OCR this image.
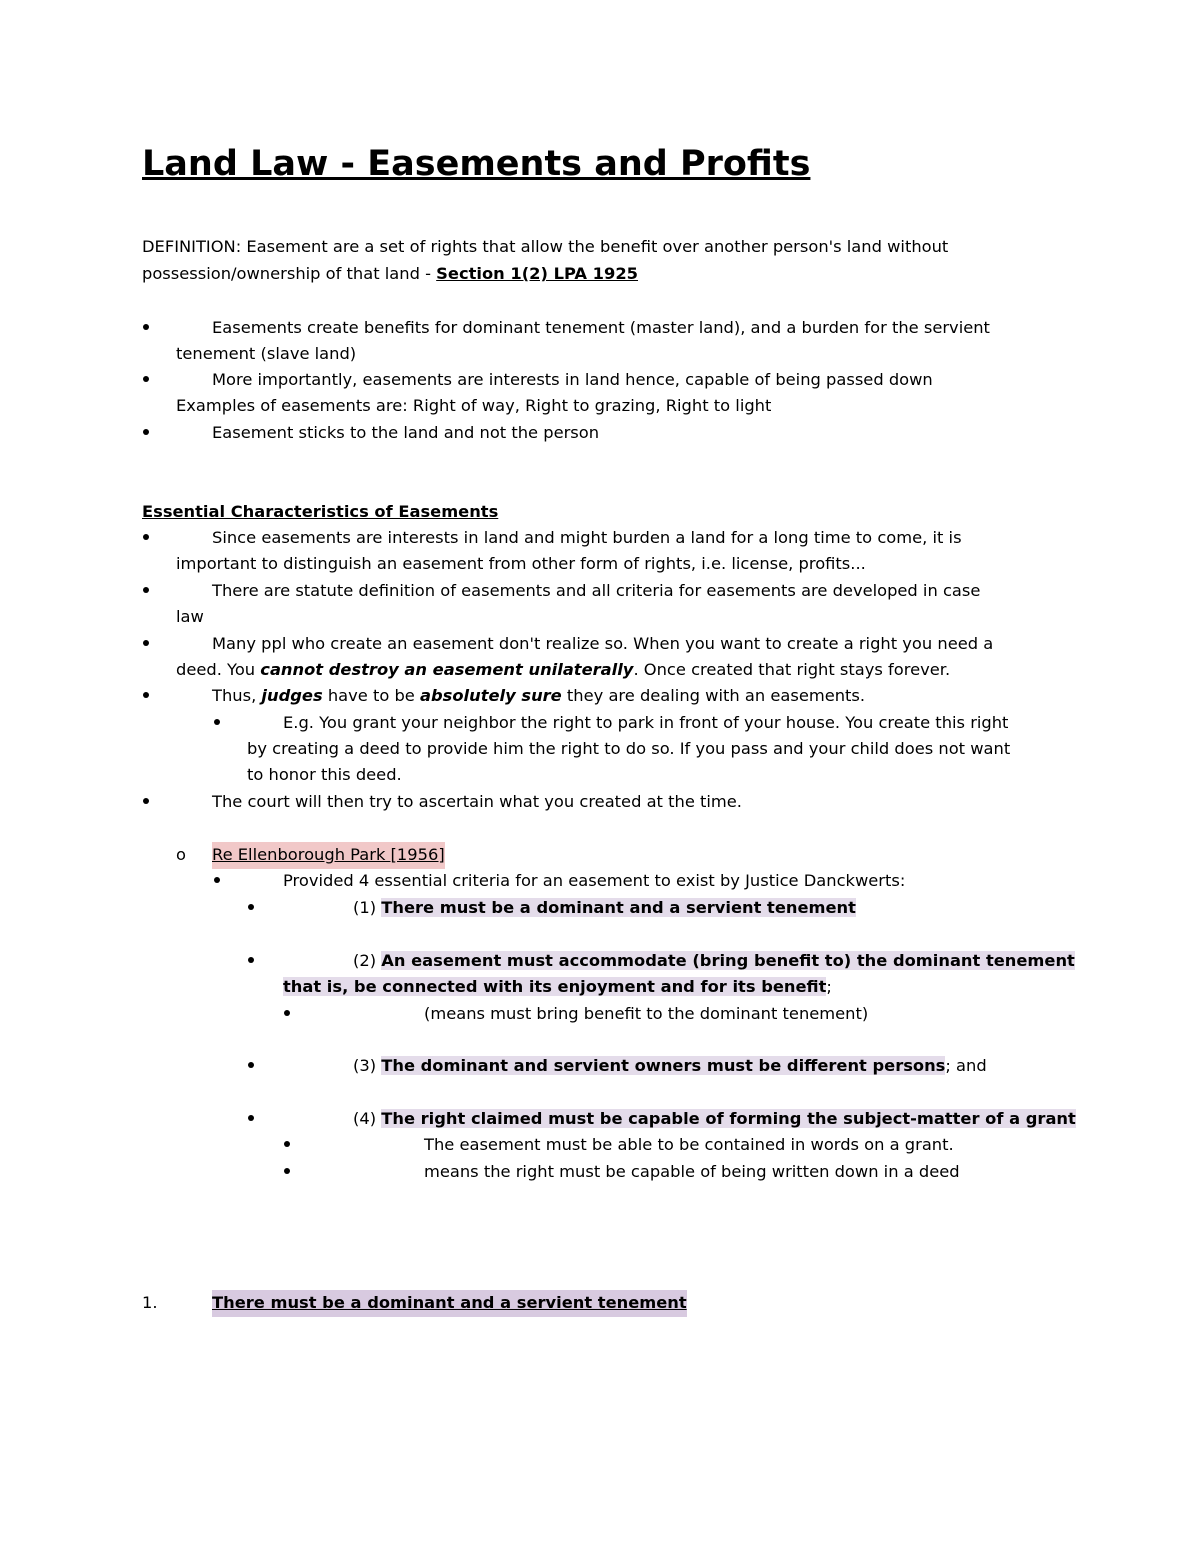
Land Law - Easements and Profits
DEFINITION: Easement are a set of rights that allow the benefit over another person's land without
possession/ownership of that land - Section 1(2) LPA 1925
Easements create benefits for dominant tenement (master land), and a burden for the servient
tenement (slave land)
More importantly, easements are interests in land hence, capable of being passed down
Examples of easements are: Right of way, Right to grazing, Right to light
Easement sticks to the land and not the person
Essential Characteristics of Easements
Since easements are interests in land and might burden a land for a long time to come, it is
important to distinguish an easement from other form of rights, i.e. license, profits...
There are statute definition of easements and all criteria for easements are developed in case
law
Many ppl who create an easement don't realize so. When you want to create a right you need a
deed. You cannot destroy an easement unilaterally. Once created that right stays forever.
Thus, judges have to be absolutely sure they are dealing with an easements.
E.g. You grant your neighbor the right to park in front of your house. You create this right
by creating a deed to provide him the right to do so. If you pass and your child does not want
to honor this deed.
The court will then try to ascertain what you created at the time.
o Re Ellenborough Park [1956]
Provided 4 essential criteria for an easement to exist by Justice Danckwerts:
(1) There must be a dominant and a servient tenement
(2) An easement must accommodate (bring benefit to) the dominant tenement
that is, be connected with its enjoyment and for its benefit;
(means must bring benefit to the dominant tenement)
(3) The dominant and servient owners must be different persons; and
(4) The right claimed must be capable of forming the subject-matter of a grant
The easement must be able to be contained in words on a grant.
means the right must be capable of being written down in a deed
1.	There must be a dominant and a servient tenement
